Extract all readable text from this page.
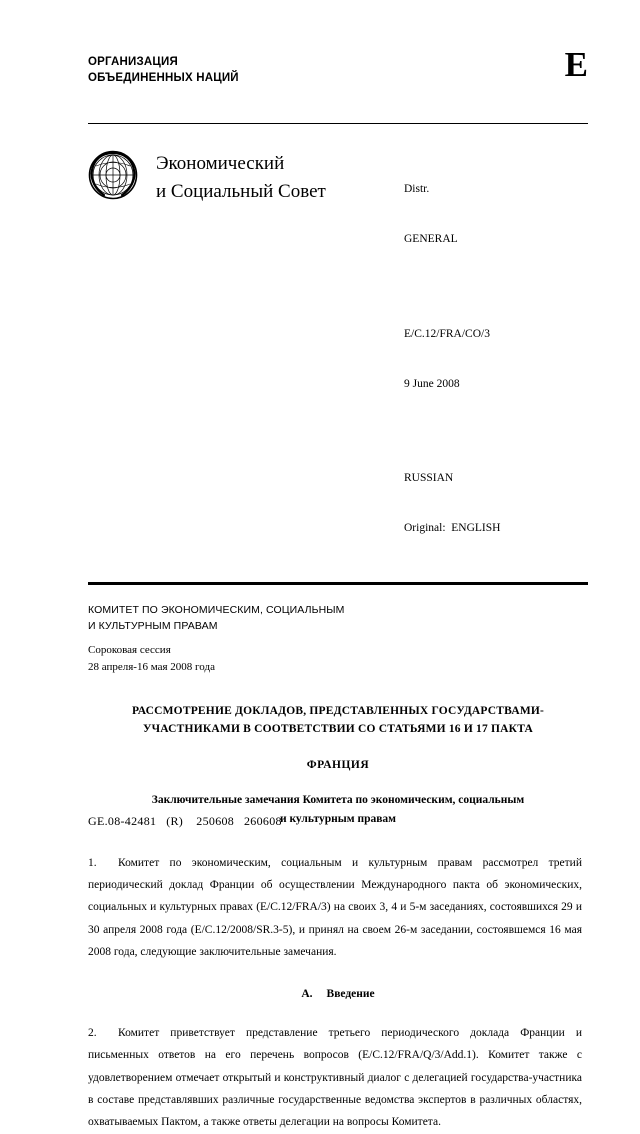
ОРГАНИЗАЦИЯ
ОБЪЕДИНЕННЫХ НАЦИЙ	E
Экономический
и Социальный Совет

	Distr.

GENERAL

E/C.12/FRA/CO/3

9 June 2008

RUSSIAN

Original:  ENGLISH

КОМИТЕТ ПО ЭКОНОМИЧЕСКИМ, СОЦИАЛЬНЫМ
И КУЛЬТУРНЫМ ПРАВАМ
Сороковая сессия
28 апреля-16 мая 2008 года
РАССМОТРЕНИЕ ДОКЛАДОВ, ПРЕДСТАВЛЕННЫХ ГОСУДАРСТВАМИ-
УЧАСТНИКАМИ В СООТВЕТСТВИИ СО СТАТЬЯМИ 16 И 17 ПАКТА
ФРАНЦИЯ
Заключительные замечания Комитета по экономическим, социальным
и культурным правам
1. Комитет по экономическим, социальным и культурным правам рассмотрел третий периодический доклад Франции об осуществлении Международного пакта об экономических, социальных и культурных правах (E/C.12/FRA/3) на своих 3, 4 и 5-м заседаниях, состоявшихся 29 и 30 апреля 2008 года (E/C.12/2008/SR.3-5), и принял на своем 26-м заседании, состоявшемся 16 мая 2008 года, следующие заключительные замечания.
A. Введение
2. Комитет приветствует представление третьего периодического доклада Франции и письменных ответов на его перечень вопросов (E/C.12/FRA/Q/3/Add.1). Комитет также с удовлетворением отмечает открытый и конструктивный диалог с делегацией государства-участника в составе представлявших различные государственные ведомства экспертов в различных областях, охватываемых Пактом, а также ответы делегации на вопросы Комитета.
GE.08-42481   (R)    250608   260608
